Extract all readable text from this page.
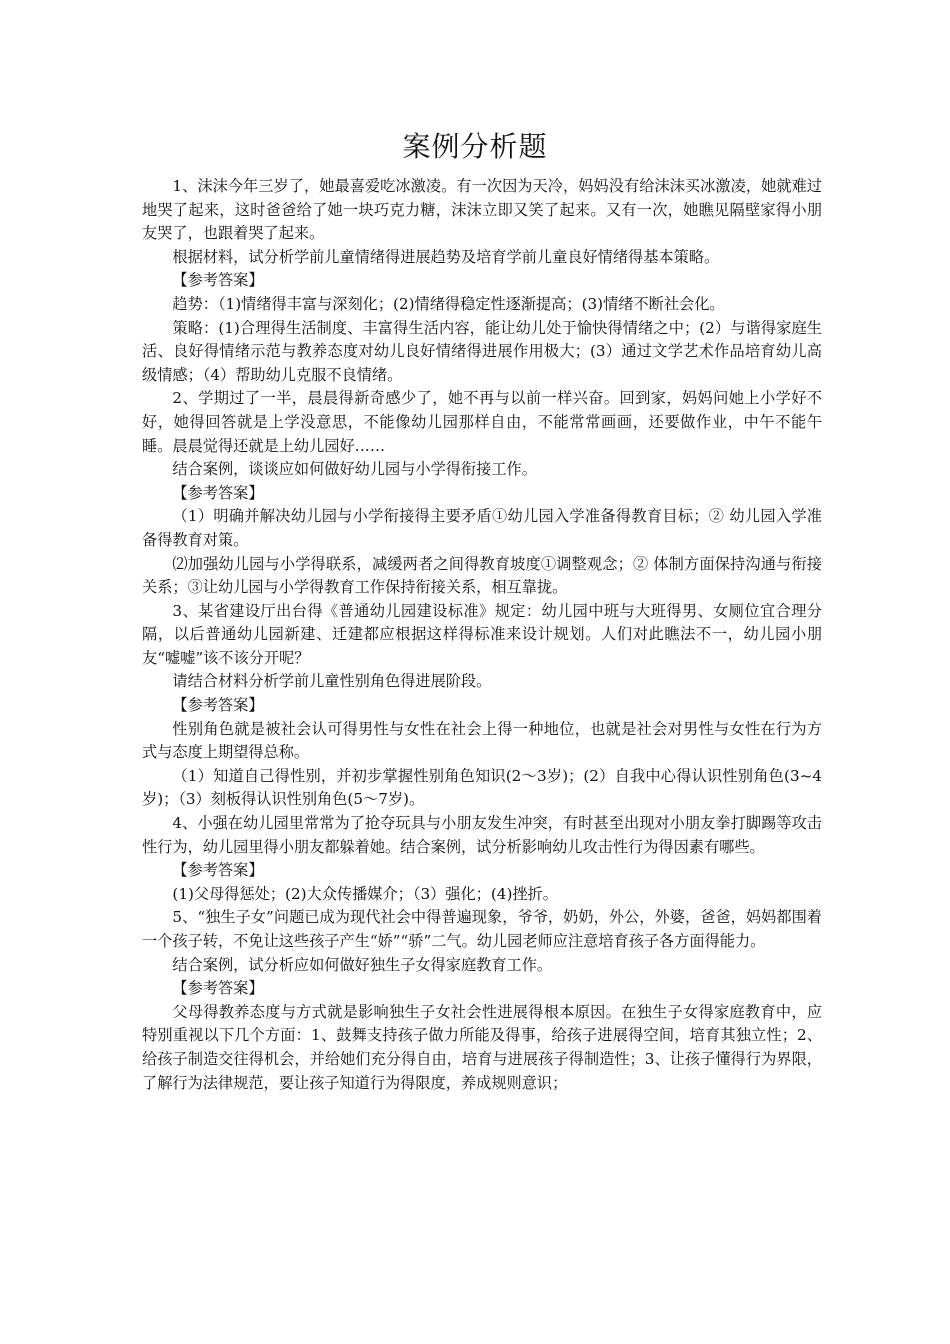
案例分析题

1、沫沫今年三岁了，她最喜爱吃冰激凌。有一次因为天冷，妈妈没有给沫沫买冰激凌，她就难过地哭了起来，这时爸爸给了她一块巧克力糖，沫沫立即又笑了起来。又有一次，她瞧见隔壁家得小朋友哭了，也跟着哭了起来。

根据材料，试分析学前儿童情绪得进展趋势及培育学前儿童良好情绪得基本策略。

【参考答案】

趋势：（1)情绪得丰富与深刻化；(2)情绪得稳定性逐渐提高；(3)情绪不断社会化。

策略：(1)合理得生活制度、丰富得生活内容，能让幼儿处于愉快得情绪之中；(2）与谐得家庭生活、良好得情绪示范与教养态度对幼儿良好情绪得进展作用极大；(3）通过文学艺术作品培育幼儿高级情感；（4）帮助幼儿克服不良情绪。

2、学期过了一半，晨晨得新奇感少了，她不再与以前一样兴奋。回到家，妈妈问她上小学好不好，她得回答就是上学没意思，不能像幼儿园那样自由，不能常常画画，还要做作业，中午不能午睡。晨晨觉得还就是上幼儿园好……

结合案例，谈谈应如何做好幼儿园与小学得衔接工作。

【参考答案】

（1）明确并解决幼儿园与小学衔接得主要矛盾①幼儿园入学准备得教育目标；② 幼儿园入学准备得教育对策。

⑵加强幼儿园与小学得联系，减缓两者之间得教育坡度①调整观念；② 体制方面保持沟通与衔接关系；③让幼儿园与小学得教育工作保持衔接关系，相互靠拢。

3、某省建设厅出台得《普通幼儿园建设标准》规定：幼儿园中班与大班得男、女厕位宜合理分隔，以后普通幼儿园新建、迁建都应根据这样得标准来设计规划。人们对此瞧法不一，幼儿园小朋友“嘘嘘”该不该分开呢？

请结合材料分析学前儿童性别角色得进展阶段。

【参考答案】

性别角色就是被社会认可得男性与女性在社会上得一种地位，也就是社会对男性与女性在行为方式与态度上期望得总称。

（1）知道自己得性别，并初步掌握性别角色知识(2～3岁)；(2）自我中心得认识性别角色(3~4岁)；（3）刻板得认识性别角色(5～7岁)。

4、小强在幼儿园里常常为了抢夺玩具与小朋友发生冲突，有时甚至出现对小朋友拳打脚踢等攻击性行为，幼儿园里得小朋友都躲着她。结合案例，试分析影响幼儿攻击性行为得因素有哪些。

【参考答案】

(1)父母得惩处；(2)大众传播媒介；（3）强化；(4)挫折。

5、“独生子女”问题已成为现代社会中得普遍现象，爷爷，奶奶，外公，外婆，爸爸，妈妈都围着一个孩子转，不免让这些孩子产生“娇”“骄”二气。幼儿园老师应注意培育孩子各方面得能力。

结合案例，试分析应如何做好独生子女得家庭教育工作。

【参考答案】

父母得教养态度与方式就是影响独生子女社会性进展得根本原因。在独生子女得家庭教育中，应特别重视以下几个方面：1、鼓舞支持孩子做力所能及得事，给孩子进展得空间，培育其独立性；2、给孩子制造交往得机会，并给她们充分得自由，培育与进展孩子得制造性；3、让孩子懂得行为界限，了解行为法律规范，要让孩子知道行为得限度，养成规则意识；
